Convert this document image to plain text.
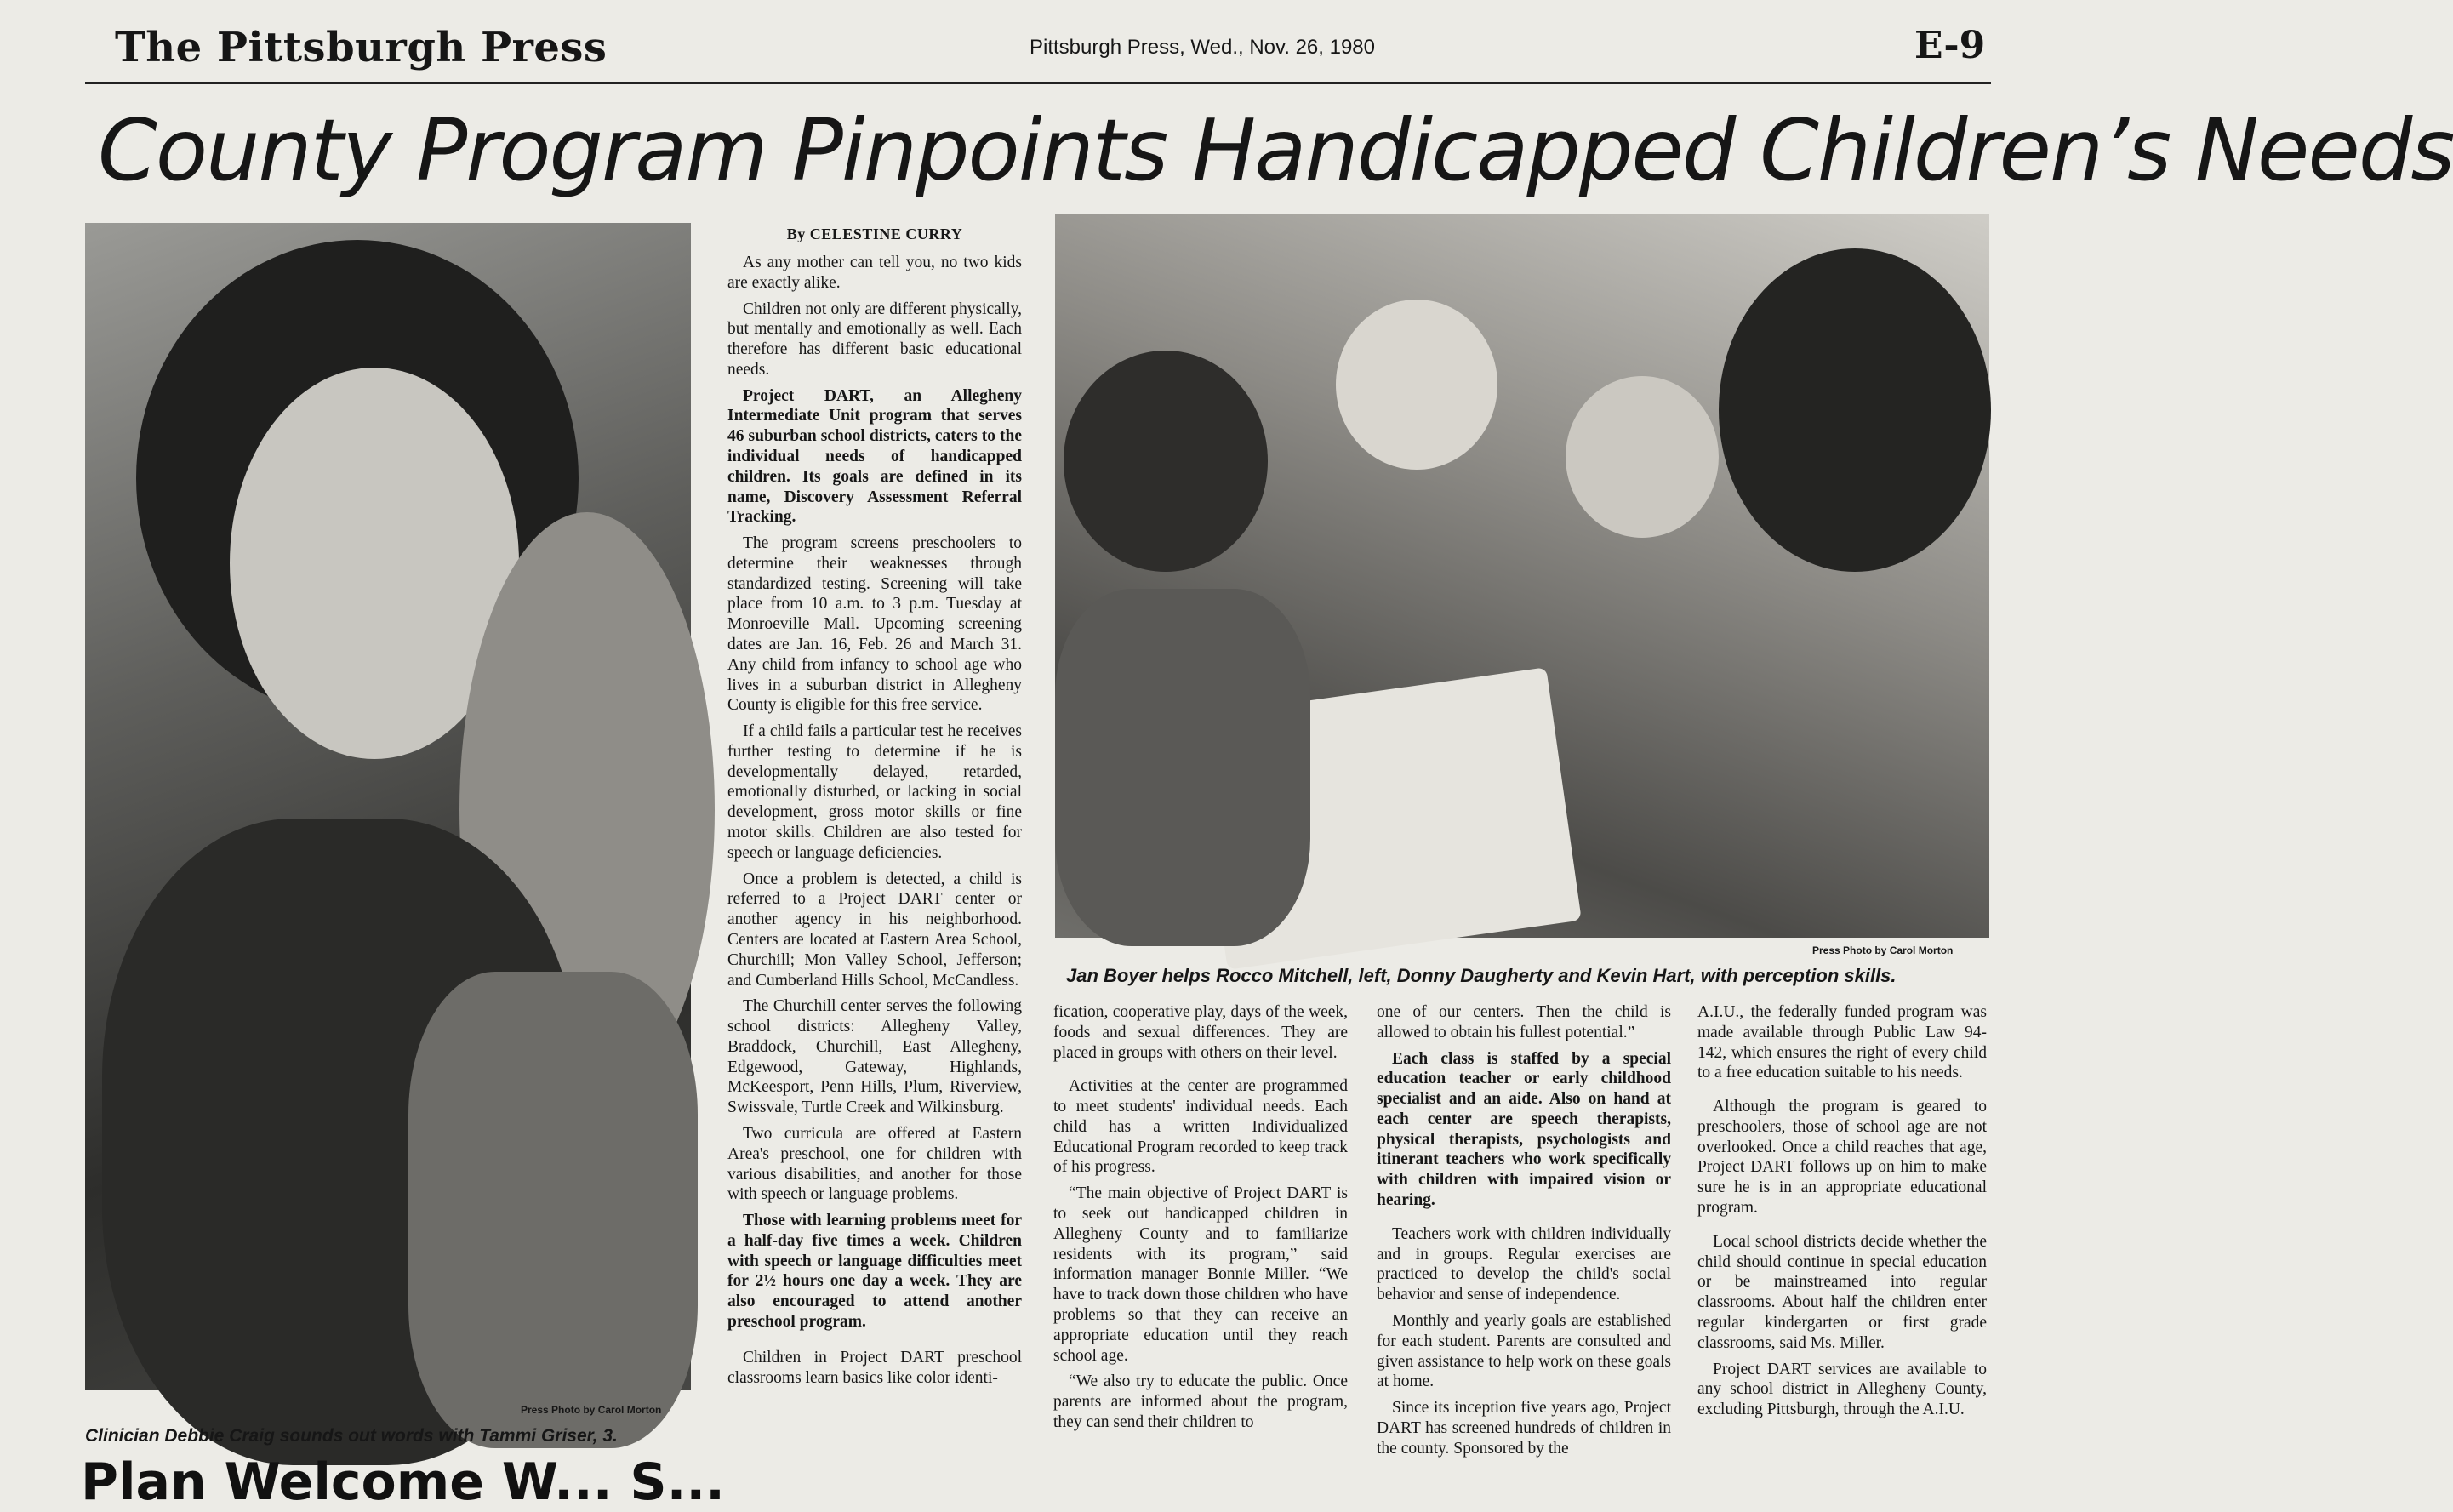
The Pittsburgh Press	Pittsburgh Press, Wed., Nov. 26, 1980	E-9
County Program Pinpoints Handicapped Children’s Needs
Press Photo by Carol Morton
Clinician Debbie Craig sounds out words with Tammi Griser, 3.
Press Photo by Carol Morton
Jan Boyer helps Rocco Mitchell, left, Donny Daugherty and Kevin Hart, with perception skills.

By CELESTINE CURRY

As any mother can tell you, no two kids are exactly alike.

Children not only are different physically, but mentally and emotionally as well. Each therefore has different basic educational needs.

Project DART, an Allegheny Intermediate Unit program that serves 46 suburban school districts, caters to the individual needs of handicapped children. Its goals are defined in its name, Discovery Assessment Referral Tracking.

The program screens preschoolers to determine their weaknesses through standardized testing. Screening will take place from 10 a.m. to 3 p.m. Tuesday at Monroeville Mall. Upcoming screening dates are Jan. 16, Feb. 26 and March 31. Any child from infancy to school age who lives in a suburban district in Allegheny County is eligible for this free service.

If a child fails a particular test he receives further testing to determine if he is developmentally delayed, retarded, emotionally disturbed, or lacking in social development, gross motor skills or fine motor skills. Children are also tested for speech or language deficiencies.

Once a problem is detected, a child is referred to a Project DART center or another agency in his neighborhood. Centers are located at Eastern Area School, Churchill; Mon Valley School, Jefferson; and Cumberland Hills School, McCandless.

The Churchill center serves the following school districts: Allegheny Valley, Braddock, Churchill, East Allegheny, Edgewood, Gateway, Highlands, McKeesport, Penn Hills, Plum, Riverview, Swissvale, Turtle Creek and Wilkinsburg.

Two curricula are offered at Eastern Area's preschool, one for children with various disabilities, and another for those with speech or language problems.

Those with learning problems meet for a half-day five times a week. Children with speech or language difficulties meet for 2½ hours one day a week. They are also encouraged to attend another preschool program.

Children in Project DART preschool classrooms learn basics like color identi-

fication, cooperative play, days of the week, foods and sexual differences. They are placed in groups with others on their level.

Activities at the center are programmed to meet students' individual needs. Each child has a written Individualized Educational Program recorded to keep track of his progress.

“The main objective of Project DART is to seek out handicapped children in Allegheny County and to familiarize residents with its program,” said information manager Bonnie Miller. “We have to track down those children who have problems so that they can receive an appropriate education until they reach school age.

“We also try to educate the public. Once parents are informed about the program, they can send their children to

one of our centers. Then the child is allowed to obtain his fullest potential.”

Each class is staffed by a special education teacher or early childhood specialist and an aide. Also on hand at each center are speech therapists, physical therapists, psychologists and itinerant teachers who work specifically with children with impaired vision or hearing.

Teachers work with children individually and in groups. Regular exercises are practiced to develop the child's social behavior and sense of independence.

Monthly and yearly goals are established for each student. Parents are consulted and given assistance to help work on these goals at home.

Since its inception five years ago, Project DART has screened hundreds of children in the county. Sponsored by the

A.I.U., the federally funded program was made available through Public Law 94-142, which ensures the right of every child to a free education suitable to his needs.

Although the program is geared to preschoolers, those of school age are not overlooked. Once a child reaches that age, Project DART follows up on him to make sure he is in an appropriate educational program.

Local school districts decide whether the child should continue in special education or be mainstreamed into regular classrooms. About half the children enter regular kindergarten or first grade classrooms, said Ms. Miller.

Project DART services are available to any school district in Allegheny County, excluding Pittsburgh, through the A.I.U.

Plan Welcome W... S...
